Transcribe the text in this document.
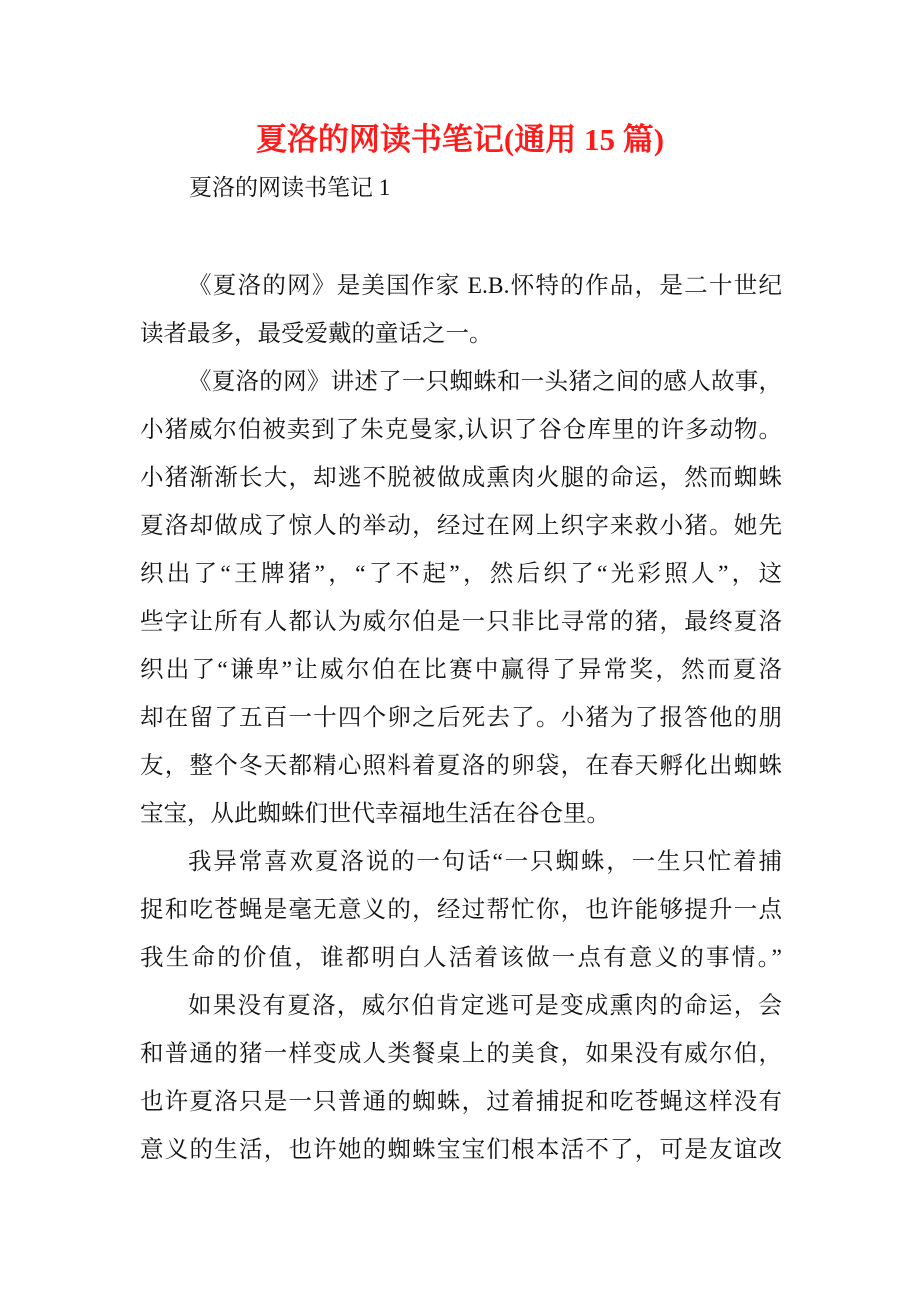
夏洛的网读书笔记(通用 15 篇)
夏洛的网读书笔记 1
《夏洛的网》是美国作家 E.B.怀特的作品，是二十世纪
读者最多，最受爱戴的童话之一。
《夏洛的网》讲述了一只蜘蛛和一头猪之间的感人故事，
小猪威尔伯被卖到了朱克曼家,认识了谷仓库里的许多动物。
小猪渐渐长大，却逃不脱被做成熏肉火腿的命运，然而蜘蛛
夏洛却做成了惊人的举动，经过在网上织字来救小猪。她先
织出了“王牌猪”，“了不起”，然后织了“光彩照人”，这
些字让所有人都认为威尔伯是一只非比寻常的猪，最终夏洛
织出了“谦卑”让威尔伯在比赛中赢得了异常奖，然而夏洛
却在留了五百一十四个卵之后死去了。小猪为了报答他的朋
友，整个冬天都精心照料着夏洛的卵袋，在春天孵化出蜘蛛
宝宝，从此蜘蛛们世代幸福地生活在谷仓里。
我异常喜欢夏洛说的一句话“一只蜘蛛，一生只忙着捕
捉和吃苍蝇是毫无意义的，经过帮忙你，也许能够提升一点
我生命的价值，谁都明白人活着该做一点有意义的事情。”
如果没有夏洛，威尔伯肯定逃可是变成熏肉的命运，会
和普通的猪一样变成人类餐桌上的美食，如果没有威尔伯，
也许夏洛只是一只普通的蜘蛛，过着捕捉和吃苍蝇这样没有
意义的生活，也许她的蜘蛛宝宝们根本活不了，可是友谊改
